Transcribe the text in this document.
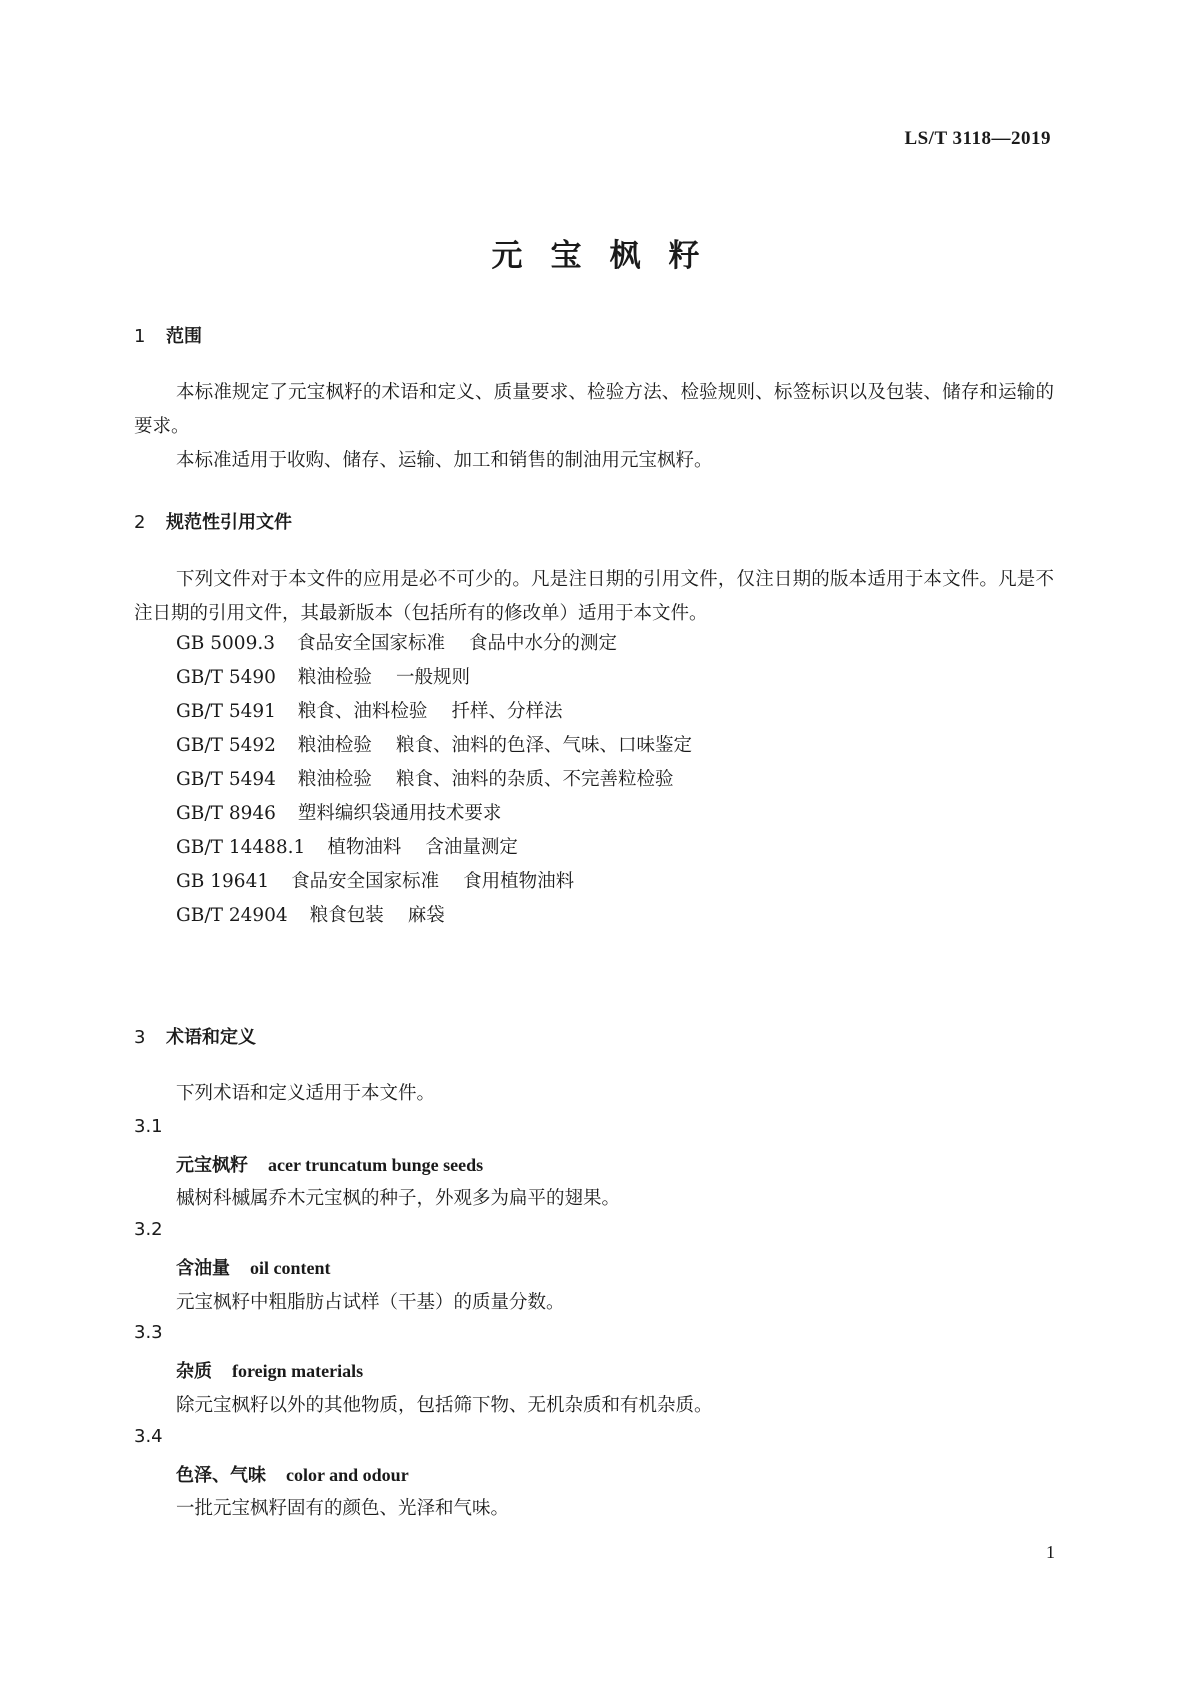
LS/T 3118—2019
元宝枫籽
1 范围

本标准规定了元宝枫籽的术语和定义、质量要求、检验方法、检验规则、标签标识以及包装、储存和运输的要求。

本标准适用于收购、储存、运输、加工和销售的制油用元宝枫籽。

2 规范性引用文件

下列文件对于本文件的应用是必不可少的。凡是注日期的引用文件，仅注日期的版本适用于本文件。凡是不注日期的引用文件，其最新版本（包括所有的修改单）适用于本文件。

GB 5009.3 食品安全国家标准 食品中水分的测定
GB/T 5490 粮油检验 一般规则
GB/T 5491 粮食、油料检验 扦样、分样法
GB/T 5492 粮油检验 粮食、油料的色泽、气味、口味鉴定
GB/T 5494 粮油检验 粮食、油料的杂质、不完善粒检验
GB/T 8946 塑料编织袋通用技术要求
GB/T 14488.1 植物油料 含油量测定
GB 19641 食品安全国家标准 食用植物油料
GB/T 24904 粮食包装 麻袋
3 术语和定义

下列术语和定义适用于本文件。

3.1
元宝枫籽 acer truncatum bunge seeds
槭树科槭属乔木元宝枫的种子，外观多为扁平的翅果。
3.2
含油量 oil content
元宝枫籽中粗脂肪占试样（干基）的质量分数。
3.3
杂质 foreign materials
除元宝枫籽以外的其他物质，包括筛下物、无机杂质和有机杂质。
3.4
色泽、气味 color and odour
一批元宝枫籽固有的颜色、光泽和气味。
1
